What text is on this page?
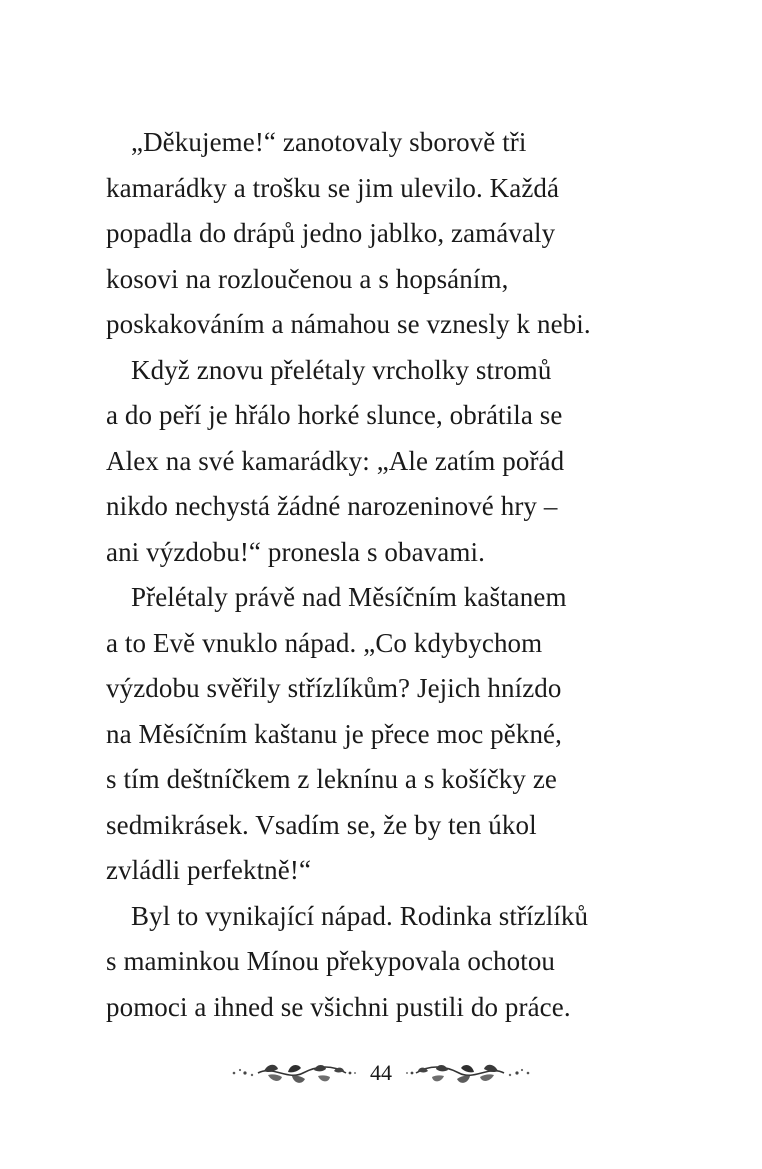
„Děkujeme!“ zanotovaly sborově tři
kamarádky a trošku se jim ulevilo. Každá
popadla do drápů jedno jablko, zamávaly
kosovi na rozloučenou a s hopsáním,
poskakováním a námahou se vznesly k nebi.

Když znovu přelétaly vrcholky stromů
a do peří je hřálo horké slunce, obrátila se
Alex na své kamarádky: „Ale zatím pořád
nikdo nechystá žádné narozeninové hry –
ani výzdobu!“ pronesla s obavami.

Přelétaly právě nad Měsíčním kaštanem
a to Evě vnuklo nápad. „Co kdybychom
výzdobu svěřily střízlíkům? Jejich hnízdo
na Měsíčním kaštanu je přece moc pěkné,
s tím deštníčkem z leknínu a s košíčky ze
sedmikrásek. Vsadím se, že by ten úkol
zvládli perfektně!“

Byl to vynikající nápad. Rodinka střízlíků
s maminkou Mínou překypovala ochotou
pomoci a ihned se všichni pustili do práce.

44
